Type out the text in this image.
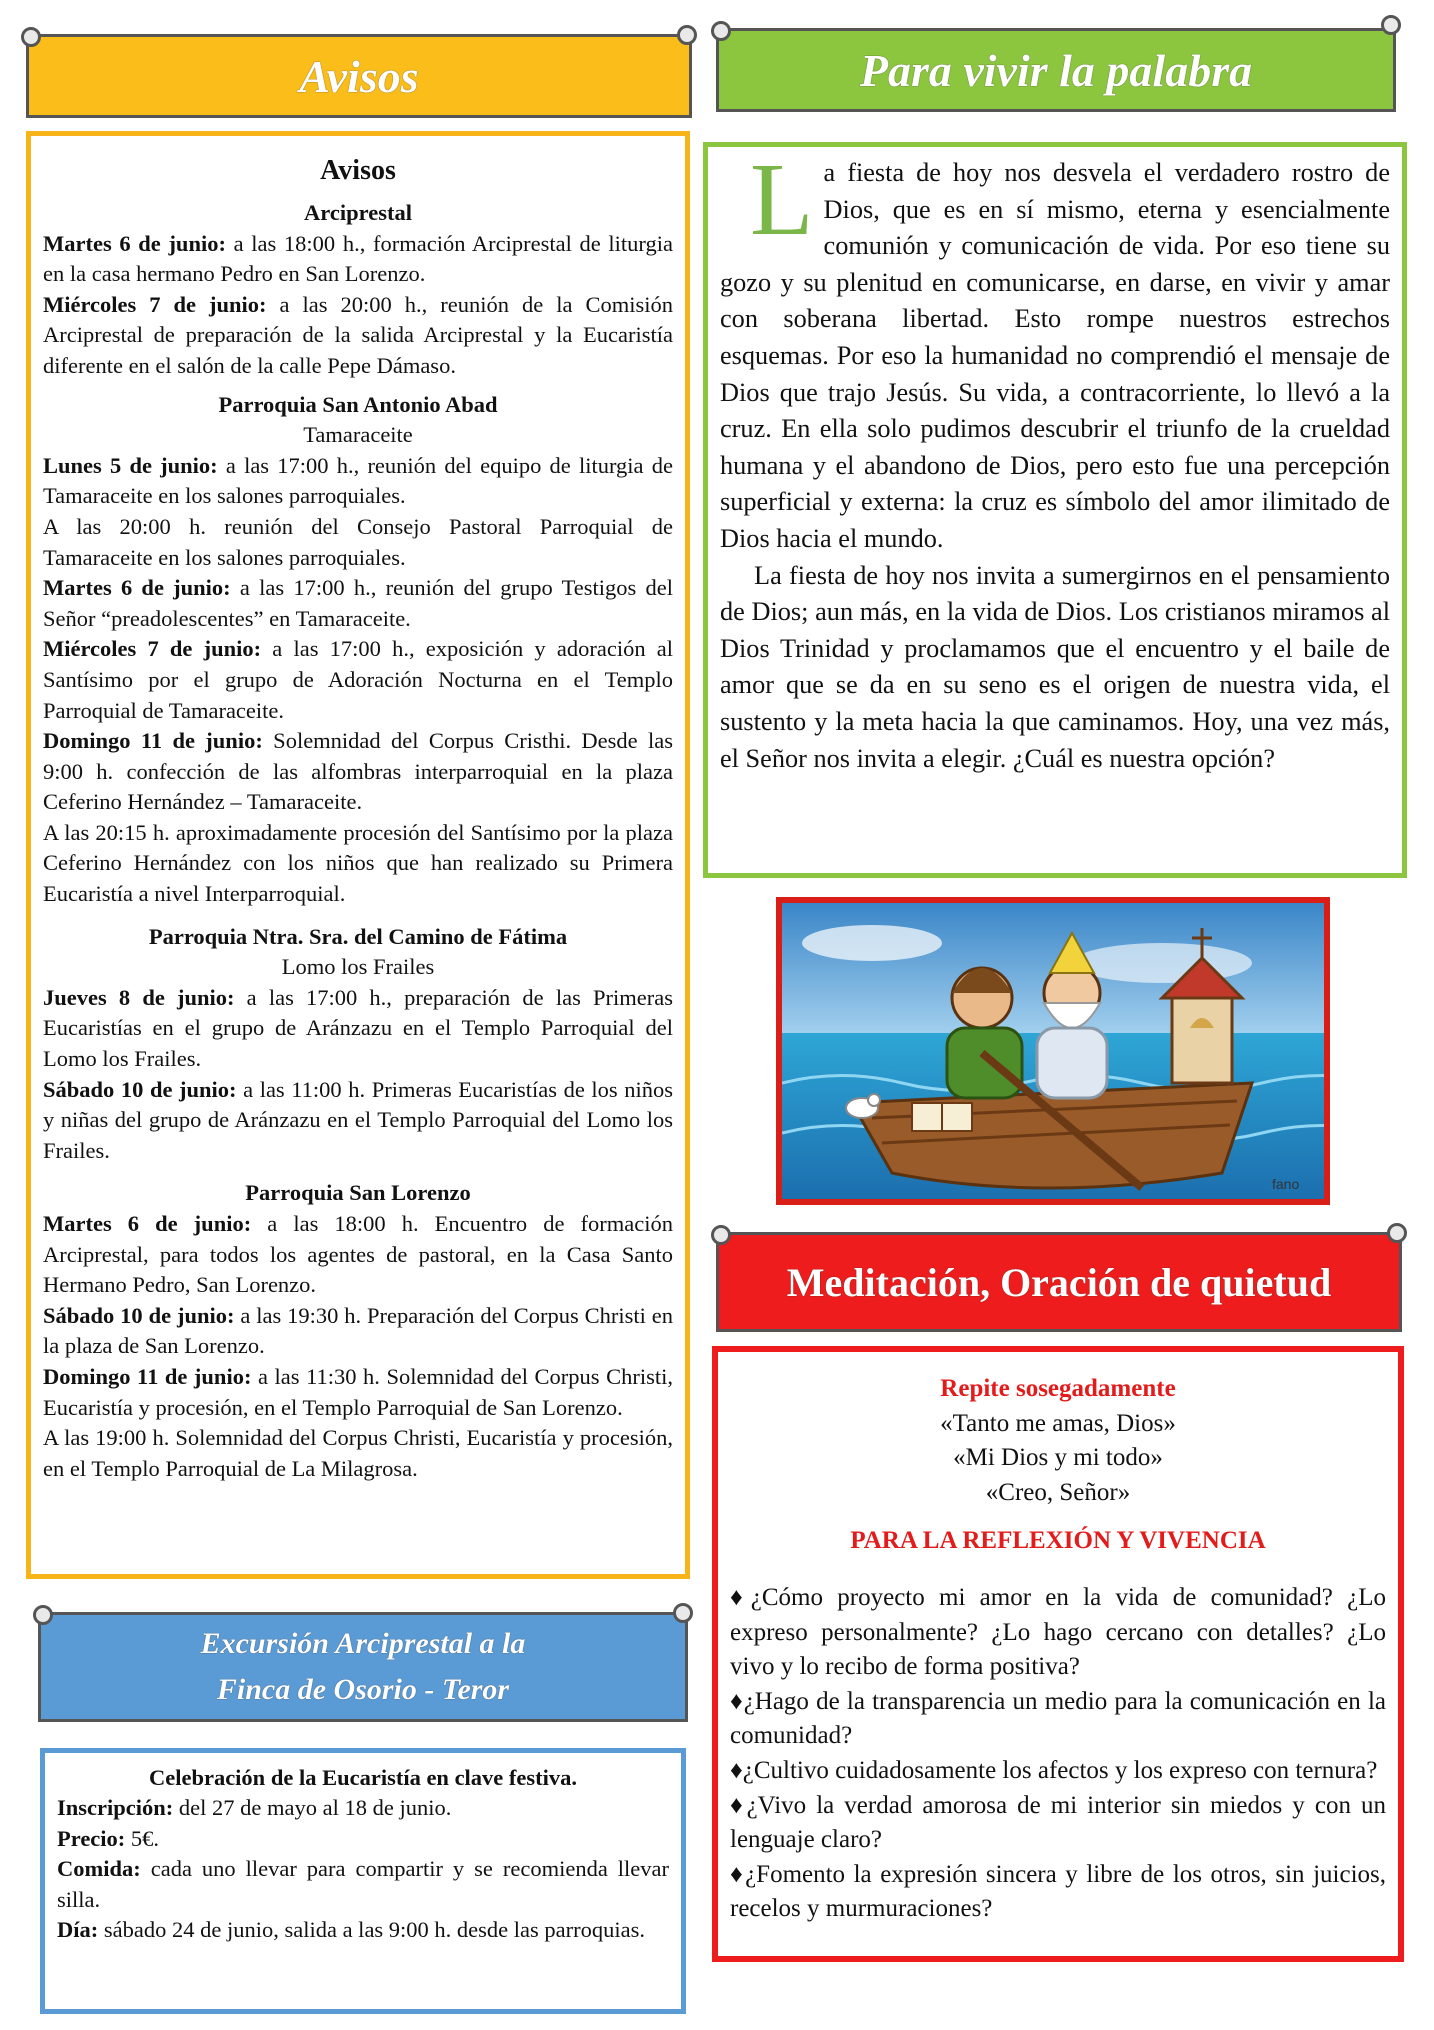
Avisos

Avisos

Arciprestal

Martes 6 de junio: a las 18:00 h., formación Arciprestal de liturgia en la casa hermano Pedro en San Lorenzo.

Miércoles 7 de junio: a las 20:00 h., reunión de la Comisión Arciprestal de preparación de la salida Arciprestal y la Eucaristía diferente en el salón de la calle Pepe Dámaso.

Parroquia San Antonio Abad

Tamaraceite

Lunes 5 de junio: a las 17:00 h., reunión del equipo de liturgia de Tamaraceite en los salones parroquiales.

A las 20:00 h. reunión del Consejo Pastoral Parroquial de Tamaraceite en los salones parroquiales.

Martes 6 de junio: a las 17:00 h., reunión del grupo Testigos del Señor “preadolescentes” en Tamaraceite.

Miércoles 7 de junio: a las 17:00 h., exposición y adoración al Santísimo por el grupo de Adoración Nocturna en el Templo Parroquial de Tamaraceite.

Domingo 11 de junio: Solemnidad del Corpus Cristhi. Desde las 9:00 h. confección de las alfombras interparroquial en la plaza Ceferino Hernández – Tamaraceite.

A las 20:15 h. aproximadamente procesión del Santísimo por la plaza Ceferino Hernández con los niños que han realizado su Primera Eucaristía a nivel Interparroquial.

Parroquia Ntra. Sra. del Camino de Fátima

Lomo los Frailes

Jueves 8 de junio: a las 17:00 h., preparación de las Primeras Eucaristías en el grupo de Aránzazu en el Templo Parroquial del Lomo los Frailes.

Sábado 10 de junio: a las 11:00 h. Primeras Eucaristías de los niños y niñas del grupo de Aránzazu en el Templo Parroquial del Lomo los Frailes.

Parroquia San Lorenzo

Martes 6 de junio: a las 18:00 h. Encuentro de formación Arciprestal, para todos los agentes de pastoral, en la Casa Santo Hermano Pedro, San Lorenzo.

Sábado 10 de junio: a las 19:30 h. Preparación del Corpus Christi en la plaza de San Lorenzo.

Domingo 11 de junio: a las 11:30 h. Solemnidad del Corpus Christi, Eucaristía y procesión, en el Templo Parroquial de San Lorenzo.

A las 19:00 h. Solemnidad del Corpus Christi, Eucaristía y procesión, en el Templo Parroquial de La Milagrosa.

Excursión Arciprestal a la
Finca de Osorio - Teror

Celebración de la Eucaristía en clave festiva.

Inscripción: del 27 de mayo al 18 de junio.

Precio: 5€.

Comida: cada uno llevar para compartir y se recomienda llevar silla.

Día: sábado 24 de junio, salida a las 9:00 h. desde las parroquias.

Para vivir la palabra

La fiesta de hoy nos desvela el verdadero rostro de Dios, que es en sí mismo, eterna y esencialmente comunión y comunicación de vida. Por eso tiene su gozo y su plenitud en comunicarse, en darse, en vivir y amar con soberana libertad. Esto rompe nuestros estrechos esquemas. Por eso la humanidad no comprendió el mensaje de Dios que trajo Jesús. Su vida, a contracorriente, lo llevó a la cruz. En ella solo pudimos descubrir el triunfo de la crueldad humana y el abandono de Dios, pero esto fue una percepción superficial y externa: la cruz es símbolo del amor ilimitado de Dios hacia el mundo.

La fiesta de hoy nos invita a sumergirnos en el pensamiento de Dios; aun más, en la vida de Dios. Los cristianos miramos al Dios Trinidad y proclamamos que el encuentro y el baile de amor que se da en su seno es el origen de nuestra vida, el sustento y la meta hacia la que caminamos. Hoy, una vez más, el Señor nos invita a elegir. ¿Cuál es nuestra opción?

fano
Meditación, Oración de quietud

Repite sosegadamente

«Tanto me amas, Dios»

«Mi Dios y mi todo»

«Creo, Señor»

PARA LA REFLEXIÓN Y VIVENCIA

♦¿Cómo proyecto mi amor en la vida de comunidad? ¿Lo expreso personalmente? ¿Lo hago cercano con detalles? ¿Lo vivo y lo recibo de forma positiva?

♦¿Hago de la transparencia un medio para la comunicación en la comunidad?

♦¿Cultivo cuidadosamente los afectos y los expreso con ternura?

♦¿Vivo la verdad amorosa de mi interior sin miedos y con un lenguaje claro?

♦¿Fomento la expresión sincera y libre de los otros, sin juicios, recelos y murmuraciones?
